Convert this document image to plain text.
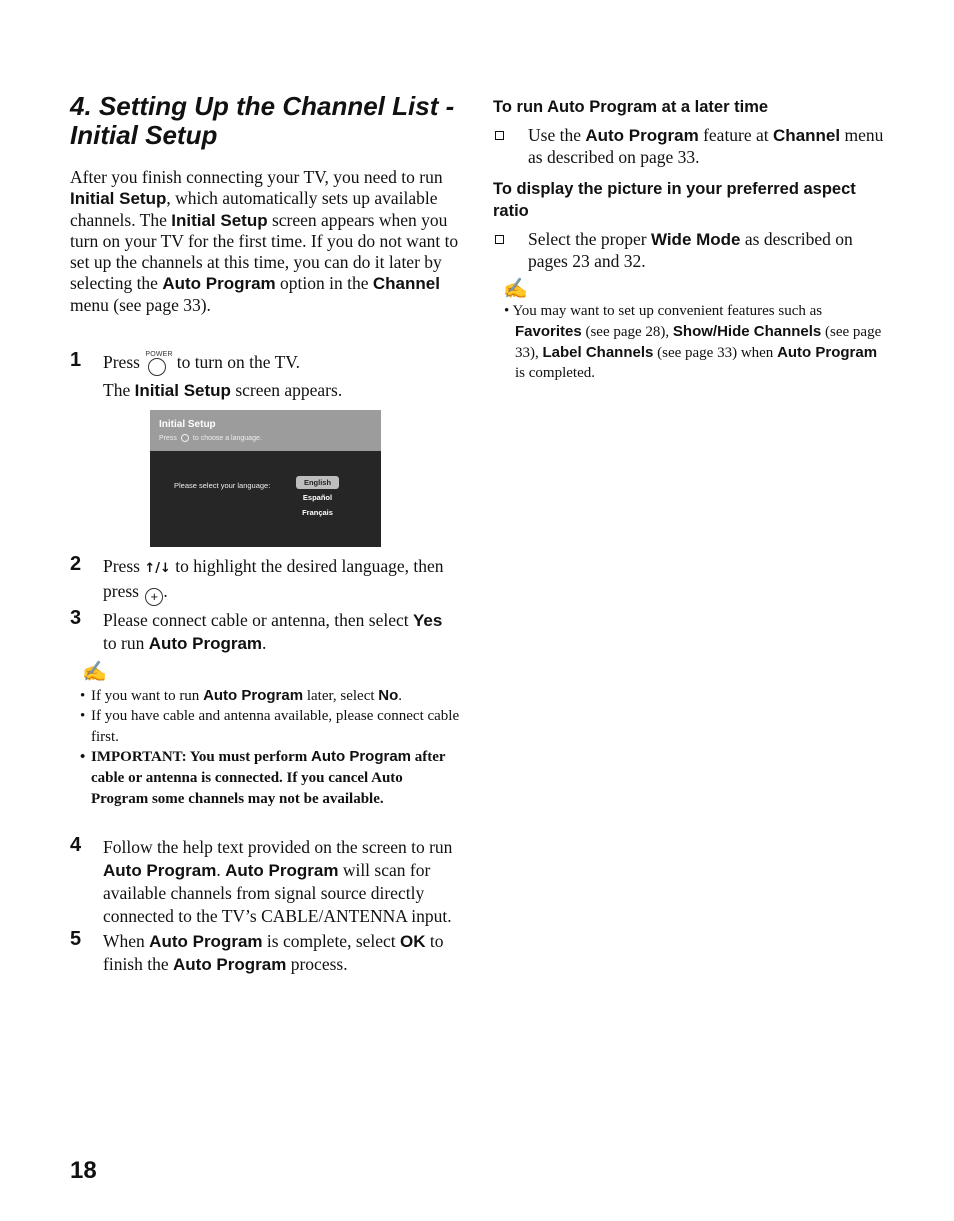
4. Setting Up the Channel List -
Initial Setup
After you finish connecting your TV, you need to run Initial Setup, which automatically sets up available channels. The Initial Setup screen appears when you turn on your TV for the first time. If you do not want to set up the channels at this time, you can do it later by selecting the Auto Program option in the Channel menu (see page 33).
1 Press POWER to turn on the TV.
The Initial Setup screen appears.
Initial Setup
Press to choose a language.
Please select your language:	English
Español
Français
2 Press ↑/↓ to highlight the desired language, then press + .
3 Please connect cable or antenna, then select Yes to run Auto Program.
✍
• If you want to run Auto Program later, select No.
• If you have cable and antenna available, please connect cable first.
• IMPORTANT: You must perform Auto Program after cable or antenna is connected. If you cancel Auto Program some channels may not be available.
4 Follow the help text provided on the screen to run Auto Program. Auto Program will scan for available channels from signal source directly connected to the TV’s CABLE/ANTENNA input.
5 When Auto Program is complete, select OK to finish the Auto Program process.
To run Auto Program at a later time
Use the Auto Program feature at Channel menu as described on page 33.
To display the picture in your preferred aspect ratio
Select the proper Wide Mode as described on pages 23 and 32.
✍
• You may want to set up convenient features such as
Favorites (see page 28), Show/Hide Channels (see page 33), Label Channels (see page 33) when Auto Program is completed.
18
